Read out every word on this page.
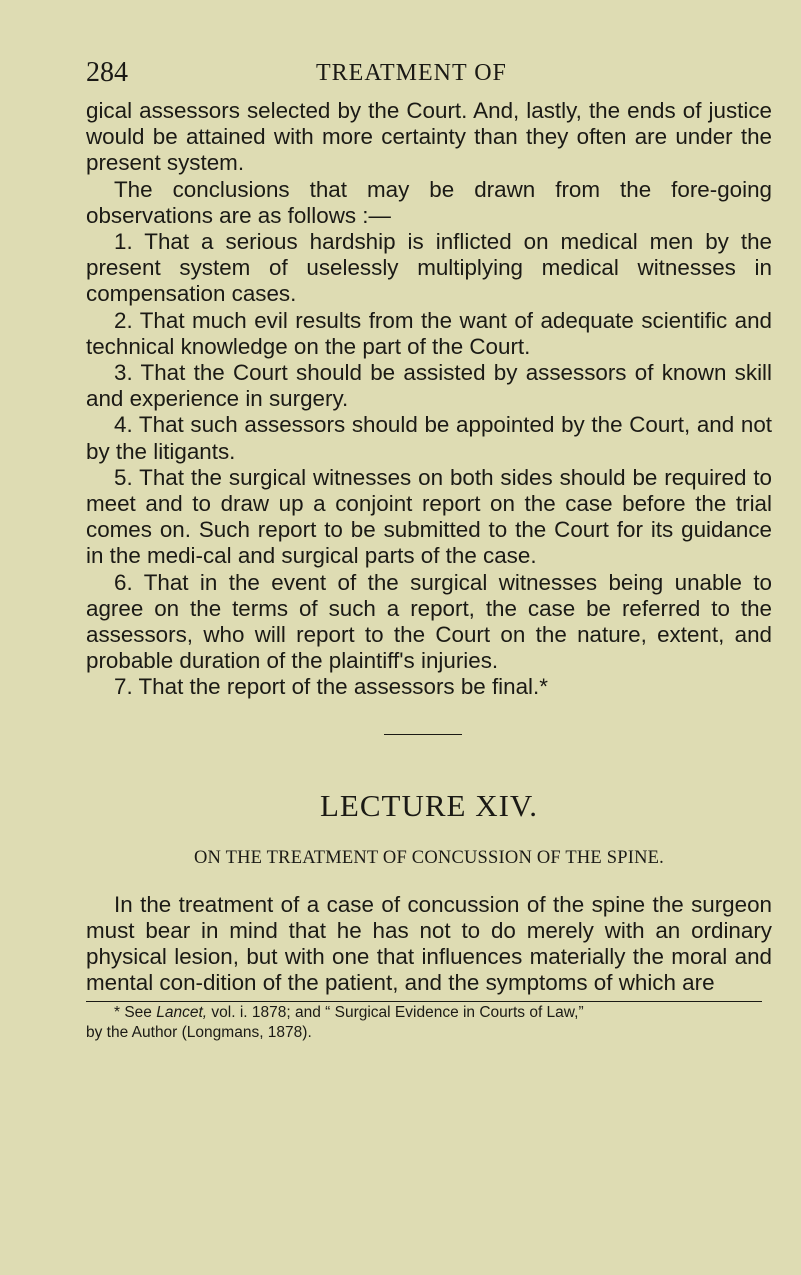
284	TREATMENT OF

gical assessors selected by the Court. And, lastly, the ends of justice would be attained with more certainty than they often are under the present system.

The conclusions that may be drawn from the fore-going observations are as follows :—

1. That a serious hardship is inflicted on medical men by the present system of uselessly multiplying medical witnesses in compensation cases.

2. That much evil results from the want of adequate scientific and technical knowledge on the part of the Court.

3. That the Court should be assisted by assessors of known skill and experience in surgery.

4. That such assessors should be appointed by the Court, and not by the litigants.

5. That the surgical witnesses on both sides should be required to meet and to draw up a conjoint report on the case before the trial comes on. Such report to be submitted to the Court for its guidance in the medi-cal and surgical parts of the case.

6. That in the event of the surgical witnesses being unable to agree on the terms of such a report, the case be referred to the assessors, who will report to the Court on the nature, extent, and probable duration of the plaintiff's injuries.

7. That the report of the assessors be final.*

LECTURE XIV.
ON THE TREATMENT OF CONCUSSION OF THE SPINE.

In the treatment of a case of concussion of the spine the surgeon must bear in mind that he has not to do merely with an ordinary physical lesion, but with one that influences materially the moral and mental con-dition of the patient, and the symptoms of which are

* See Lancet, vol. i. 1878; and “ Surgical Evidence in Courts of Law,”
by the Author (Longmans, 1878).
